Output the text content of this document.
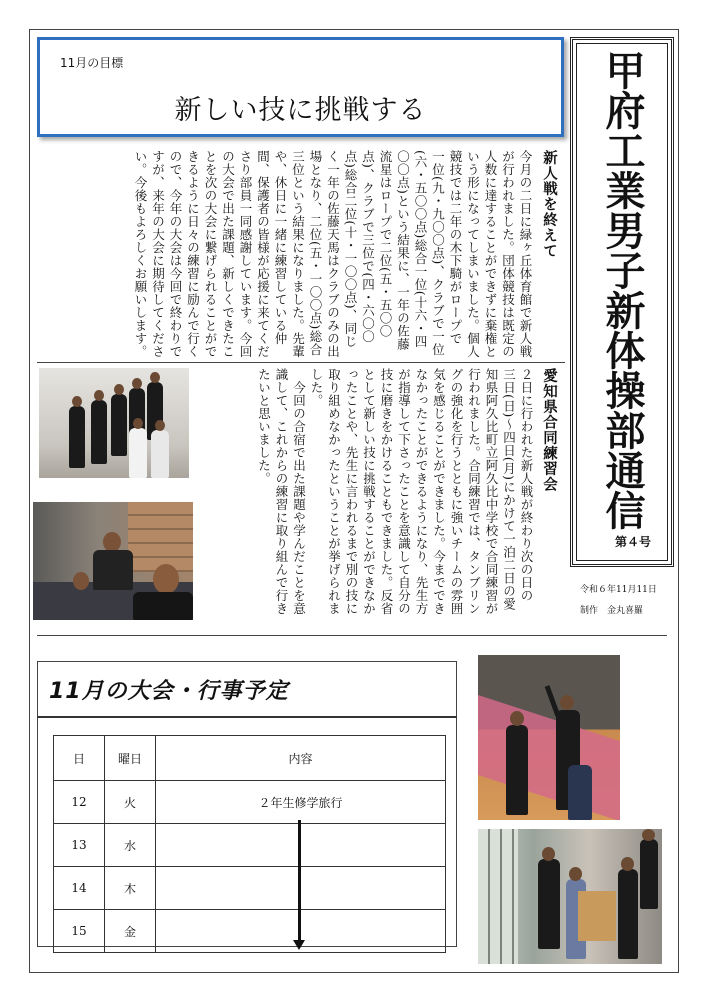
11月の目標
新しい技に挑戦する	甲府工業男子新体操部通信
第４号
令和６年11月11日
制作　金丸喜羅
新人戦を終えて
今月の二日に緑ヶ丘体育館で新人戦
が行われました。団体競技は既定の
人数に達することができずに棄権と
いう形になってしまいました。個人
競技では二年の木下騎がロープで
一位(九・九〇〇点)、クラブで一位
(六・五〇〇点)総合一位(十六・四
〇〇点)という結果に、一年の佐藤
流星はロープで二位(五・五〇〇
点)、クラブで三位で(四・六〇〇
点)総合二位(十・一〇〇点)、同じ
く一年の佐藤天馬はクラブのみの出
場となり、二位(五・一〇〇点)総合
三位という結果になりました。先輩
や、休日に一緒に練習している仲
間、保護者の皆様が応援に来てくだ
さり部員一同感謝しています。今回
の大会で出た課題、新しくできたこ
とを次の大会に繋げられることがで
きるように日々の練習に励んで行く
ので、今年の大会は今回で終わりで
すが、来年の大会に期待してくださ
い。今後もよろしくお願いします。
愛知県合同練習会
２日に行われた新人戦が終わり次の日の
三日(日)〜四日(月)にかけて一泊二日の愛
知県阿久比町立阿久比中学校で合同練習が
行われました。合同練習では、タンブリン
グの強化を行うとともに強いチームの雰囲
気を感じることができました。今まででき
なかったことができるようになり、先生方
が指導して下さったことを意識して自分の
技に磨きをかけることもできました。反省
として新しい技に挑戦することができなか
ったことや、先生に言われるまで別の技に
取り組めなかったということが挙げられま
した。
　今回の合宿で出た課題や学んだことを意
識して、これからの練習に取り組んで行き
たいと思いました。
11月の大会・行事予定
日	曜日	内容
12	火	２年生修学旅行
13	水	
14	木	
15	金	
